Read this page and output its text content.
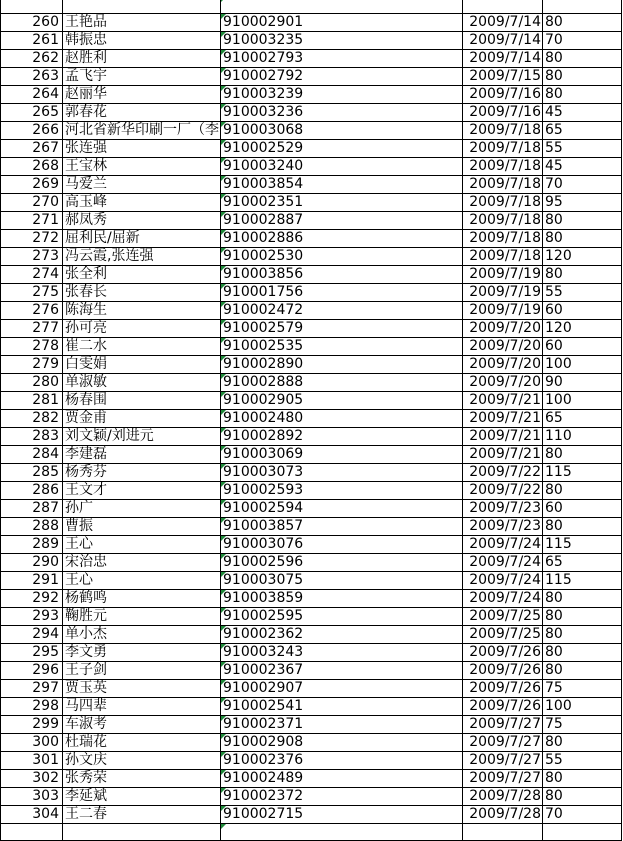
260	王艳品	910002901	2009/7/14	80
261	韩振忠	910003235	2009/7/14	70
262	赵胜利	910002793	2009/7/14	80
263	孟飞宇	910002792	2009/7/15	80
264	赵丽华	910003239	2009/7/16	80
265	郭春花	910003236	2009/7/16	45
266	河北省新华印刷一厂（李	910003068	2009/7/18	65
267	张连强	910002529	2009/7/18	55
268	王宝林	910003240	2009/7/18	45
269	马爱兰	910003854	2009/7/18	70
270	高玉峰	910002351	2009/7/18	95
271	郝凤秀	910002887	2009/7/18	80
272	屈利民/屈新	910002886	2009/7/18	80
273	冯云霞,张连强	910002530	2009/7/18	120
274	张全利	910003856	2009/7/19	80
275	张春长	910001756	2009/7/19	55
276	陈海生	910002472	2009/7/19	60
277	孙可亮	910002579	2009/7/20	120
278	崔二水	910002535	2009/7/20	60
279	白雯娟	910002890	2009/7/20	100
280	单淑敏	910002888	2009/7/20	90
281	杨春围	910002905	2009/7/21	100
282	贾金甫	910002480	2009/7/21	65
283	刘文颖/刘进元	910002892	2009/7/21	110
284	李建磊	910003069	2009/7/21	80
285	杨秀芬	910003073	2009/7/22	115
286	王文才	910002593	2009/7/22	80
287	孙广	910002594	2009/7/23	60
288	曹振	910003857	2009/7/23	80
289	王心	910003076	2009/7/24	115
290	宋治忠	910002596	2009/7/24	65
291	王心	910003075	2009/7/24	115
292	杨鹤鸣	910003859	2009/7/24	80
293	鞠胜元	910002595	2009/7/25	80
294	单小杰	910002362	2009/7/25	80
295	李文勇	910003243	2009/7/26	80
296	王子剑	910002367	2009/7/26	80
297	贾玉英	910002907	2009/7/26	75
298	马四辈	910002541	2009/7/26	100
299	车淑考	910002371	2009/7/27	75
300	杜瑞花	910002908	2009/7/27	80
301	孙文庆	910002376	2009/7/27	55
302	张秀荣	910002489	2009/7/27	80
303	李延斌	910002372	2009/7/28	80
304	王二春	910002715	2009/7/28	70
